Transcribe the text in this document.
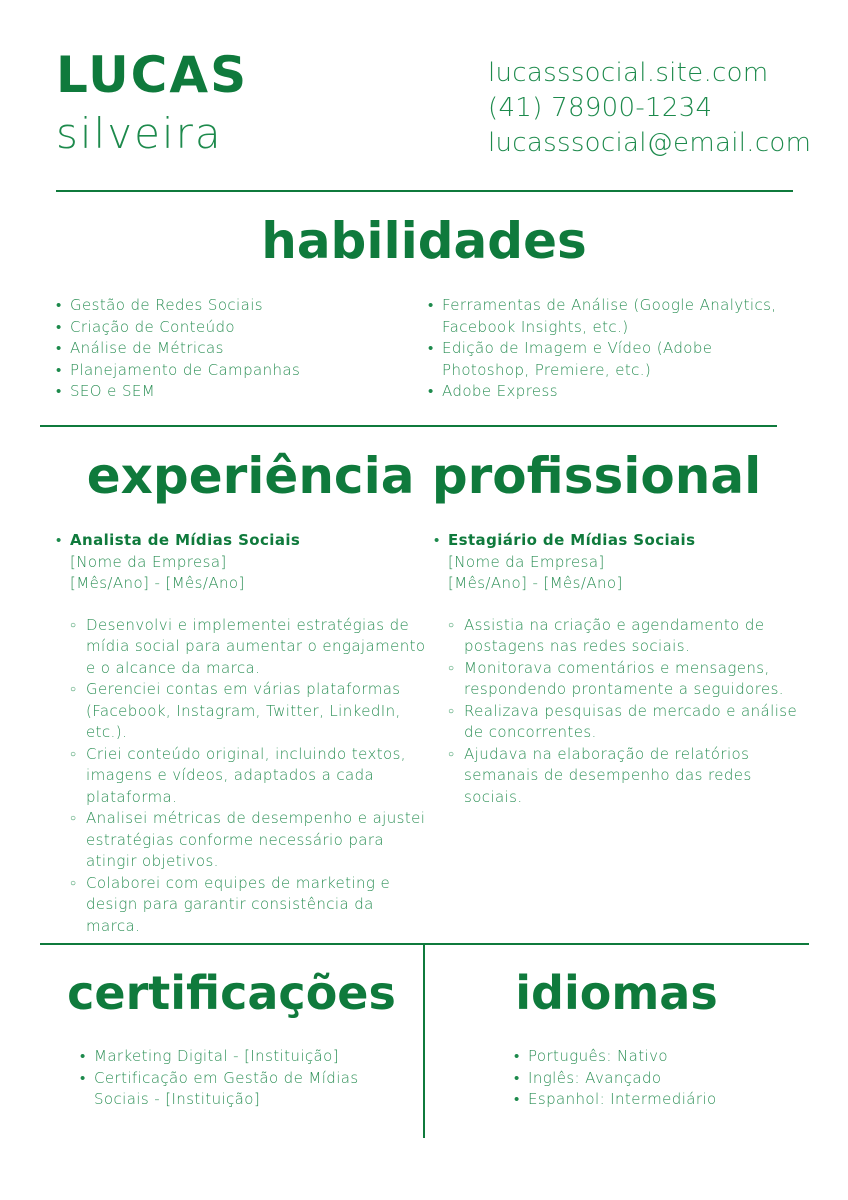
LUCAS
silveira
lucasssocial.site.com
(41) 78900-1234
lucasssocial@email.com
habilidades
• Gestão de Redes Sociais
• Criação de Conteúdo
• Análise de Métricas
• Planejamento de Campanhas
• SEO e SEM
• Ferramentas de Análise (Google Analytics, Facebook Insights, etc.)
• Edição de Imagem e Vídeo (Adobe Photoshop, Premiere, etc.)
• Adobe Express
experiência profissional
• Analista de Mídias Sociais
[Nome da Empresa]
[Mês/Ano] - [Mês/Ano]
○ Desenvolvi e implementei estratégias de mídia social para aumentar o engajamento e o alcance da marca.
○ Gerenciei contas em várias plataformas (Facebook, Instagram, Twitter, LinkedIn, etc.).
○ Criei conteúdo original, incluindo textos, imagens e vídeos, adaptados a cada plataforma.
○ Analisei métricas de desempenho e ajustei estratégias conforme necessário para atingir objetivos.
○ Colaborei com equipes de marketing e design para garantir consistência da marca.
• Estagiário de Mídias Sociais
[Nome da Empresa]
[Mês/Ano] - [Mês/Ano]
○ Assistia na criação e agendamento de postagens nas redes sociais.
○ Monitorava comentários e mensagens, respondendo prontamente a seguidores.
○ Realizava pesquisas de mercado e análise de concorrentes.
○ Ajudava na elaboração de relatórios semanais de desempenho das redes sociais.
certificações
• Marketing Digital - [Instituição]
• Certificação em Gestão de Mídias Sociais - [Instituição]
idiomas
• Português: Nativo
• Inglês: Avançado
• Espanhol: Intermediário
